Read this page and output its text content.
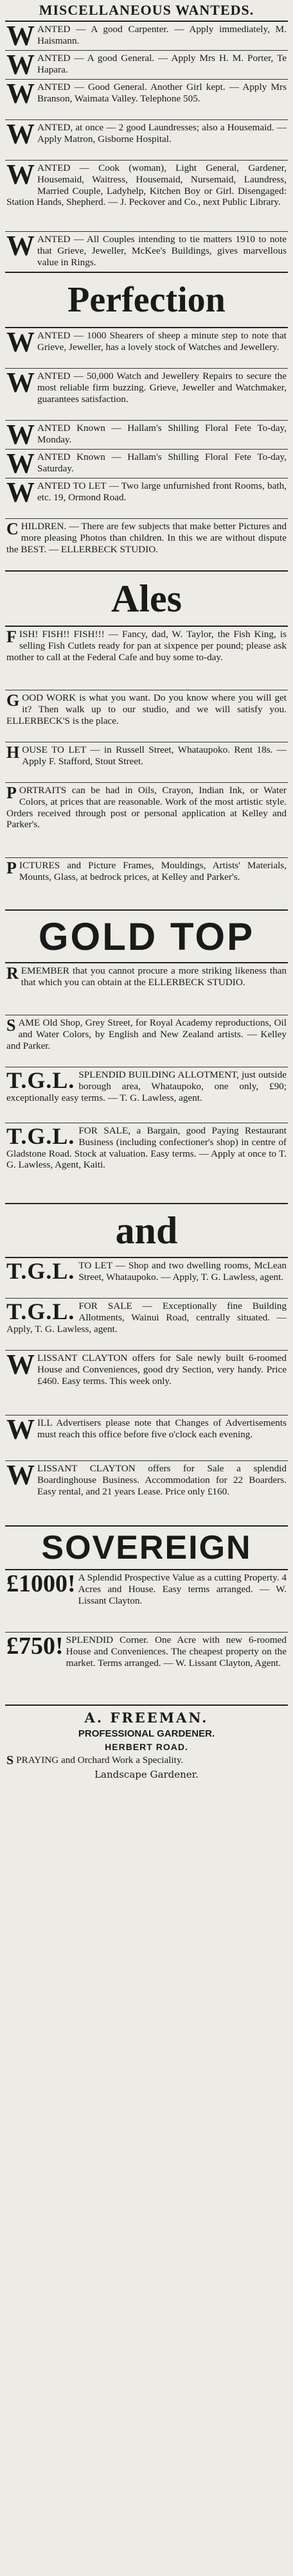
MISCELLANEOUS WANTEDS.
WANTED — A good Carpenter. — Apply immediately, M. Haismann.
WANTED — A good General. — Apply Mrs H. M. Porter, Te Hapara.
WANTED — Good General. Another Girl kept. — Apply Mrs Branson, Waimata Valley. Telephone 505.
WANTED, at once — 2 good Laundresses; also a Housemaid. — Apply Matron, Gisborne Hospital.
WANTED — Cook (woman), Light General, Gardener, Housemaid, Waitress, Housemaid, Nursemaid, Laundress, Married Couple, Ladyhelp, Kitchen Boy or Girl. Disengaged: Station Hands, Shepherd. — J. Peckover and Co., next Public Library.
WANTED — All Couples intending to tie matters 1910 to note that Grieve, Jeweller, McKee's Buildings, gives marvellous value in Rings.
Perfection
WANTED — 1000 Shearers of sheep a minute step to note that Grieve, Jeweller, has a lovely stock of Watches and Jewellery.
WANTED — 50,000 Watch and Jewellery Repairs to secure the most reliable firm buzzing. Grieve, Jeweller and Watchmaker, guarantees satisfaction.
WANTED Known — Hallam's Shilling Floral Fete To-day, Monday.
WANTED Known — Hallam's Shilling Floral Fete To-day, Saturday.
WANTED TO LET — Two large unfurnished front Rooms, bath, etc. 19, Ormond Road.
CHILDREN. — There are few subjects that make better Pictures and more pleasing Photos than children. In this we are without dispute the BEST. — ELLERBECK STUDIO.
Ales
FISH! FISH!! FISH!!! — Fancy, dad, W. Taylor, the Fish King, is selling Fish Cutlets ready for pan at sixpence per pound; please ask mother to call at the Federal Cafe and buy some to-day.
GOOD WORK is what you want. Do you know where you will get it? Then walk up to our studio, and we will satisfy you. ELLERBECK'S is the place.
HOUSE TO LET — in Russell Street, Whataupoko. Rent 18s. — Apply F. Stafford, Stout Street.
PORTRAITS can be had in Oils, Crayon, Indian Ink, or Water Colors, at prices that are reasonable. Work of the most artistic style. Orders received through post or personal application at Kelley and Parker's.
PICTURES and Picture Frames, Mouldings, Artists' Materials, Mounts, Glass, at bedrock prices, at Kelley and Parker's.
GOLD TOP
REMEMBER that you cannot procure a more striking likeness than that which you can obtain at the ELLERBECK STUDIO.
SAME Old Shop, Grey Street, for Royal Academy reproductions, Oil and Water Colors, by English and New Zealand artists. — Kelley and Parker.
T.G.L. SPLENDID BUILDING ALLOTMENT, just outside borough area, Whataupoko, one only, £90; exceptionally easy terms. — T. G. Lawless, agent.
T.G.L. FOR SALE, a Bargain, good Paying Restaurant Business (including confectioner's shop) in centre of Gladstone Road. Stock at valuation. Easy terms. — Apply at once to T. G. Lawless, Agent, Kaiti.
and
T.G.L. TO LET — Shop and two dwelling rooms, McLean Street, Whataupoko. — Apply, T. G. Lawless, agent.
T.G.L. FOR SALE — Exceptionally fine Building Allotments, Wainui Road, centrally situated. — Apply, T. G. Lawless, agent.
WLISSANT CLAYTON offers for Sale newly built 6-roomed House and Conveniences, good dry Section, very handy. Price £460. Easy terms. This week only.
WILL Advertisers please note that Changes of Advertisements must reach this office before five o'clock each evening.
WLISSANT CLAYTON offers for Sale a splendid Boardinghouse Business. Accommodation for 22 Boarders. Easy rental, and 21 years Lease. Price only £160.
SOVEREIGN
£1000! A Splendid Prospective Value as a cutting Property. 4 Acres and House. Easy terms arranged. — W. Lissant Clayton.
£750! SPLENDID Corner. One Acre with new 6-roomed House and Conveniences. The cheapest property on the market. Terms arranged. — W. Lissant Clayton, Agent.
A. FREEMAN.
PROFESSIONAL GARDENER.
HERBERT ROAD.
S PRAYING and Orchard Work a Speciality.
Landscape Gardener.
